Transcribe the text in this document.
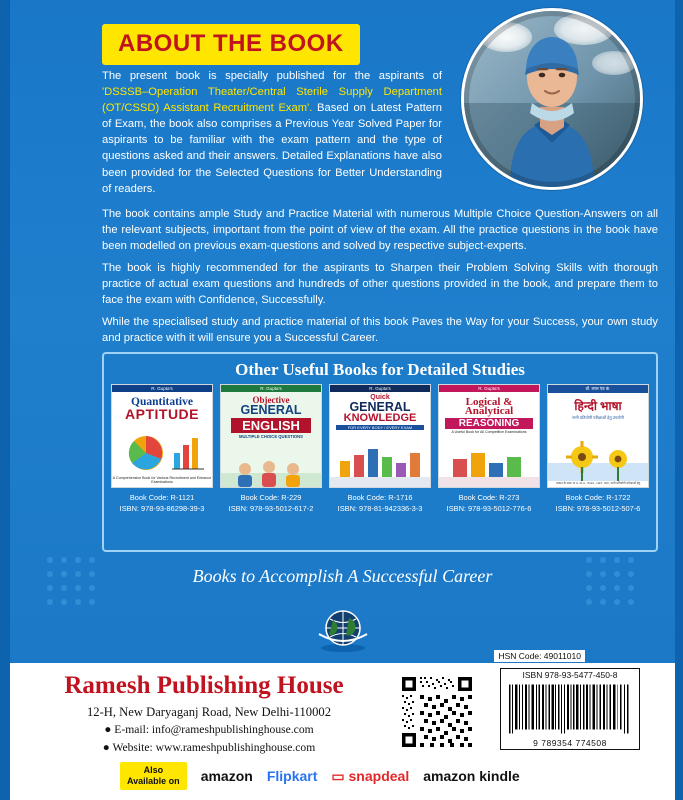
ABOUT THE BOOK
The present book is specially published for the aspirants of 'DSSSB–Operation Theater/Central Sterile Supply Department (OT/CSSD) Assistant Recruitment Exam'. Based on Latest Pattern of Exam, the book also comprises a Previous Year Solved Paper for aspirants to be familiar with the exam pattern and the type of questions asked and their answers. Detailed Explanations have also been provided for the Selected Questions for Better Understanding of readers.
The book contains ample Study and Practice Material with numerous Multiple Choice Question-Answers on all the relevant subjects, important from the point of view of the exam. All the practice questions in the book have been modelled on previous exam-questions and solved by respective subject-experts.
The book is highly recommended for the aspirants to Sharpen their Problem Solving Skills with thorough practice of actual exam questions and hundreds of other questions provided in the book, and prepare them to face the exam with Confidence, Successfully.
While the specialised study and practice material of this book Paves the Way for your Success, your own study and practice with it will ensure you a Successful Career.
Other Useful Books for Detailed Studies
R. Gupta's
Quantitative
APTITUDE
A Comprehensive Book for Various Recruitment and Entrance Examinations
Book Code: R-1121
ISBN: 978-93-86298-39-3
R. Gupta's
Objective
GENERAL
ENGLISH
MULTIPLE CHOICE QUESTIONS
Book Code: R-229
ISBN: 978-93-5012-617-2
R. Gupta's
Quick
GENERAL
KNOWLEDGE
FOR EVERY BODY / EVERY EXAM
Book Code: R-1716
ISBN: 978-81-942336-3-3
R. Gupta's
Logical &
Analytical
REASONING
A Useful Book for All Competitive Examinations
Book Code: R-273
ISBN: 978-93-5012-776-6
डॉ. लाल एंड कं.
हिन्दी भाषा
सभी प्रतियोगी परीक्षाओं हेतु उपयोगी
ISBN के साथ, B.A. M.A., B.Ed., NET, JRF, सभी प्रतियोगी परीक्षाओं हेतु
Book Code: R-1722
ISBN: 978-93-5012-507-6
Books to Accomplish A Successful Career
HSN Code: 49011010
Ramesh Publishing House
12-H, New Daryaganj Road, New Delhi-110002
● E-mail: info@rameshpublishinghouse.com
● Website: www.rameshpublishinghouse.com
ISBN 978-93-5477-450-8
9 789354 774508
Also
Available on amazon Flipkart ▭ snapdeal amazon kindle
